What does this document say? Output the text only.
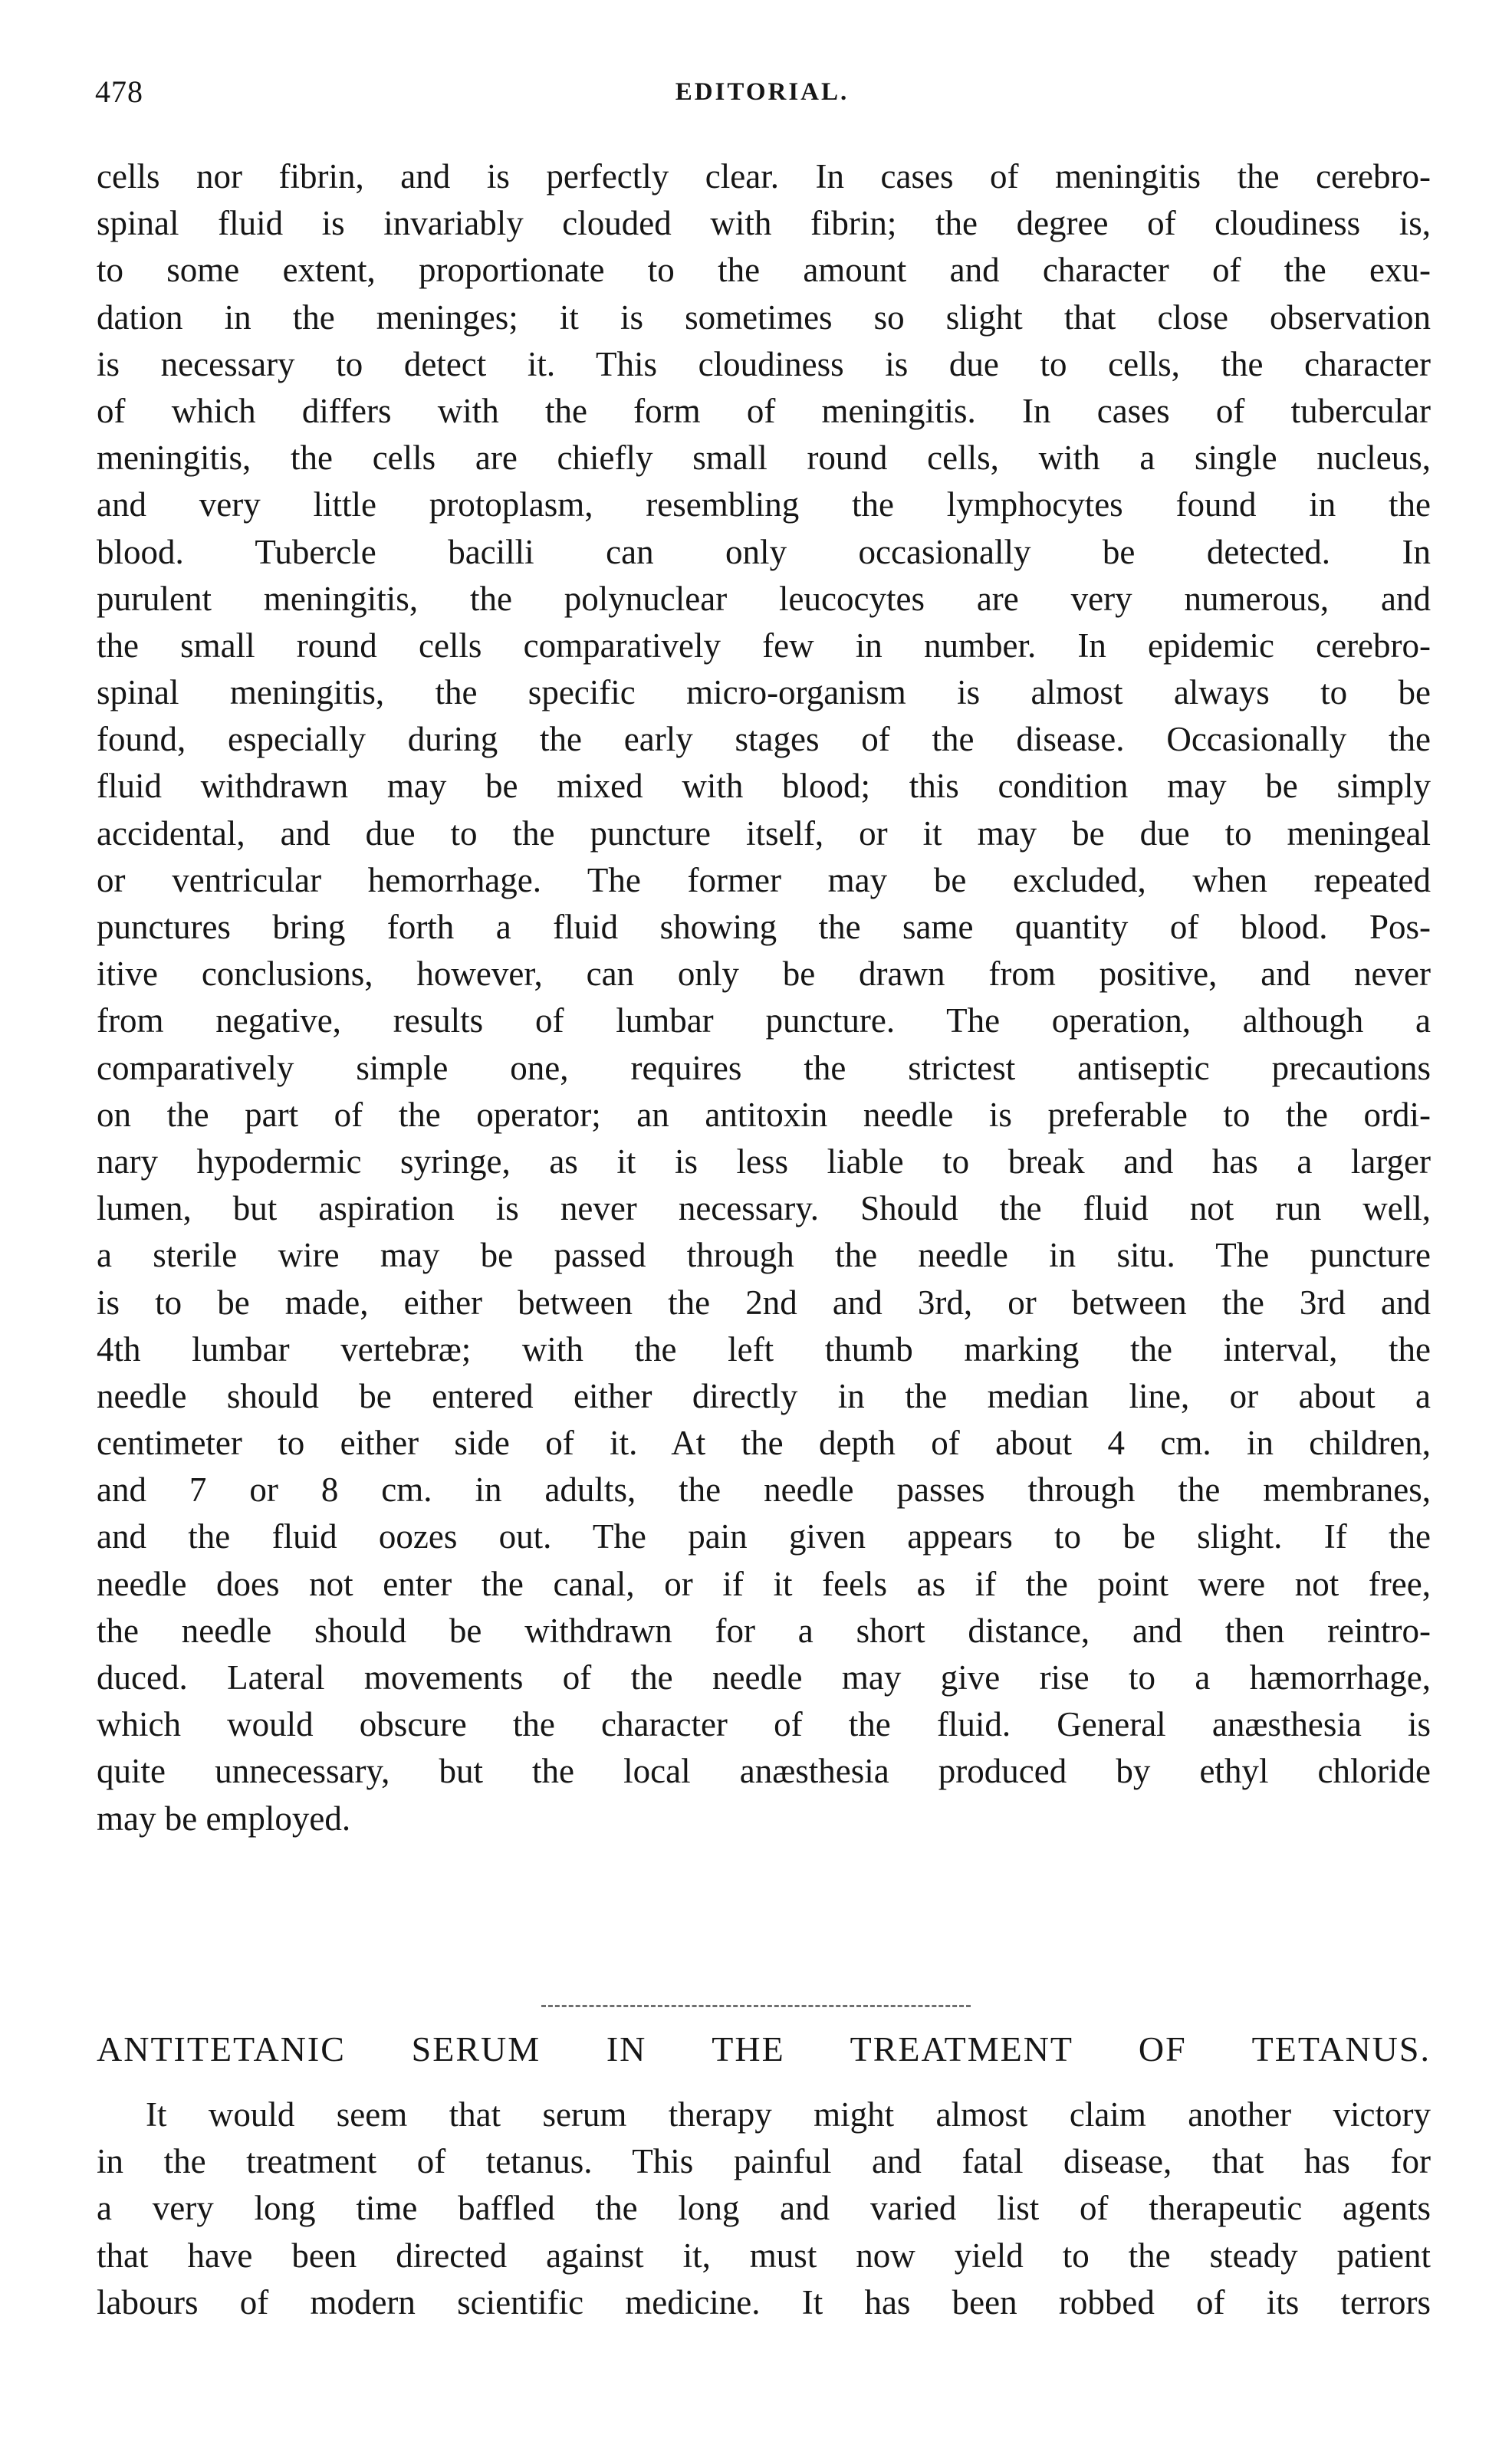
478	EDITORIAL.
cells nor fibrin, and is perfectly clear. In cases of meningitis the cerebro-
spinal fluid is invariably clouded with fibrin; the degree of cloudiness is,
to some extent, proportionate to the amount and character of the exu-
dation in the meninges; it is sometimes so slight that close observation
is necessary to detect it. This cloudiness is due to cells, the character
of which differs with the form of meningitis. In cases of tubercular
meningitis, the cells are chiefly small round cells, with a single nucleus,
and very little protoplasm, resembling the lymphocytes found in the
blood. Tubercle bacilli can only occasionally be detected. In
purulent meningitis, the polynuclear leucocytes are very numerous, and
the small round cells comparatively few in number. In epidemic cerebro-
spinal meningitis, the specific micro-organism is almost always to be
found, especially during the early stages of the disease. Occasionally the
fluid withdrawn may be mixed with blood; this condition may be simply
accidental, and due to the puncture itself, or it may be due to meningeal
or ventricular hemorrhage. The former may be excluded, when repeated
punctures bring forth a fluid showing the same quantity of blood. Pos-
itive conclusions, however, can only be drawn from positive, and never
from negative, results of lumbar puncture. The operation, although a
comparatively simple one, requires the strictest antiseptic precautions
on the part of the operator; an antitoxin needle is preferable to the ordi-
nary hypodermic syringe, as it is less liable to break and has a larger
lumen, but aspiration is never necessary. Should the fluid not run well,
a sterile wire may be passed through the needle in situ. The puncture
is to be made, either between the 2nd and 3rd, or between the 3rd and
4th lumbar vertebræ; with the left thumb marking the interval, the
needle should be entered either directly in the median line, or about a
centimeter to either side of it. At the depth of about 4 cm. in children,
and 7 or 8 cm. in adults, the needle passes through the membranes,
and the fluid oozes out. The pain given appears to be slight. If the
needle does not enter the canal, or if it feels as if the point were not free,
the needle should be withdrawn for a short distance, and then reintro-
duced. Lateral movements of the needle may give rise to a hæmorrhage,
which would obscure the character of the fluid. General anæsthesia is
quite unnecessary, but the local anæsthesia produced by ethyl chloride
may be employed.
ANTITETANIC SERUM IN THE TREATMENT OF TETANUS.
It would seem that serum therapy might almost claim another victory
in the treatment of tetanus. This painful and fatal disease, that has for
a very long time baffled the long and varied list of therapeutic agents
that have been directed against it, must now yield to the steady patient
labours of modern scientific medicine. It has been robbed of its terrors
